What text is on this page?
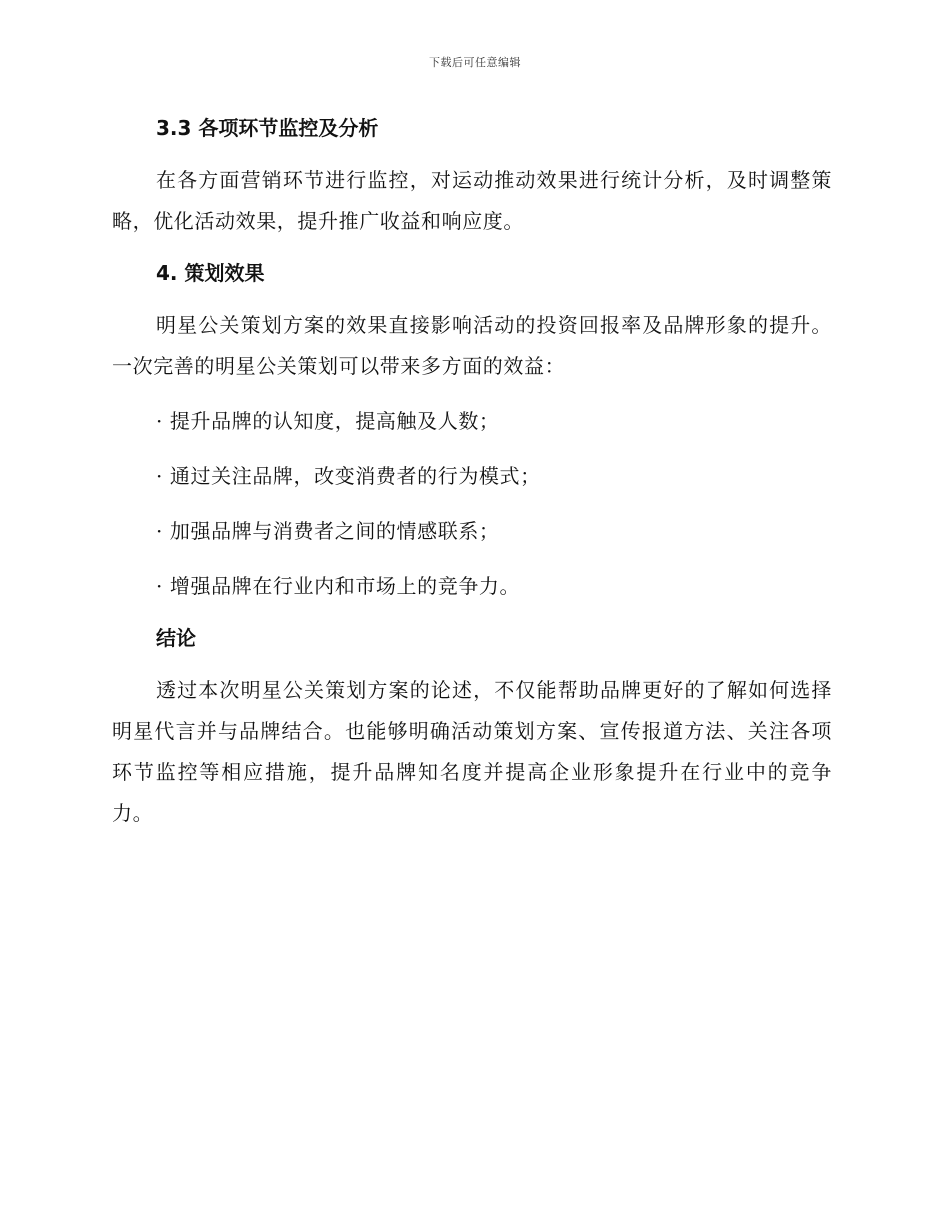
下载后可任意编辑
3.3 各项环节监控及分析

在各方面营销环节进行监控，对运动推动效果进行统计分析，及时调整策略，优化活动效果，提升推广收益和响应度。

4. 策划效果

明星公关策划方案的效果直接影响活动的投资回报率及品牌形象的提升。一次完善的明星公关策划可以带来多方面的效益：

· 提升品牌的认知度，提高触及人数；

· 通过关注品牌，改变消费者的行为模式；

· 加强品牌与消费者之间的情感联系；

· 增强品牌在行业内和市场上的竞争力。

结论

透过本次明星公关策划方案的论述，不仅能帮助品牌更好的了解如何选择明星代言并与品牌结合。也能够明确活动策划方案、宣传报道方法、关注各项环节监控等相应措施，提升品牌知名度并提高企业形象提升在行业中的竞争力。
